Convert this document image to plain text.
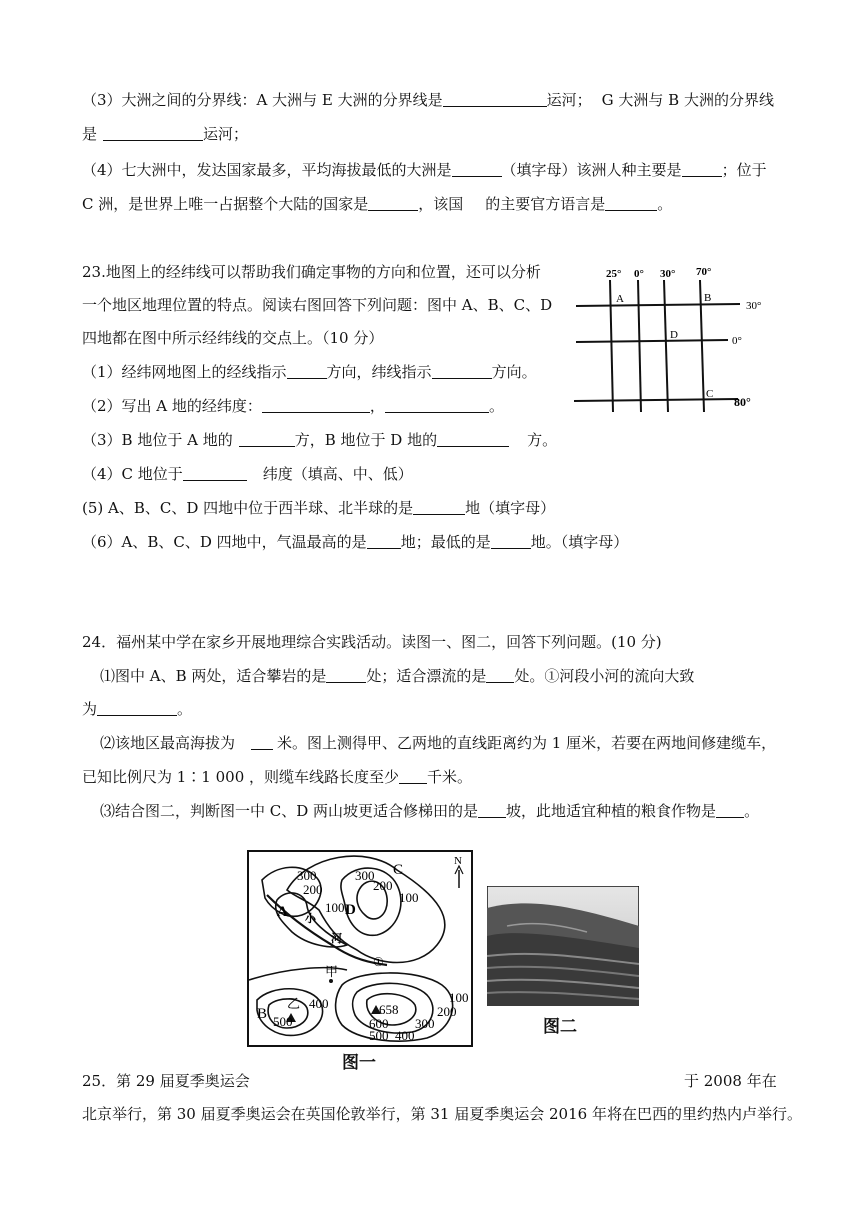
（3）大洲之间的分界线：A 大洲与 E 大洲的分界线是	运河； G 大洲与 B 大洲的分界线
是	运河；
（4）七大洲中，发达国家最多，平均海拔最低的大洲是	（填字母）该洲人种主要是	；位于
C 洲，是世界上唯一占据整个大陆的国家是	，该国 的主要官方语言是	。
23.地图上的经纬线可以帮助我们确定事物的方向和位置，还可以分析
一个地区地理位置的特点。阅读右图回答下列问题：图中 A、B、C、D
四地都在图中所示经纬线的交点上。（10 分）
（1）经纬网地图上的经线指示	方向，纬线指示	方向。
（2）写出 A 地的经纬度：	，	。
（3）B 地位于 A 地的	方，B 地位于 D 地的	方。
（4）C 地位于	纬度（填高、中、低）
(5) A、B、C、D 四地中位于西半球、北半球的是	地（填字母）
（6）A、B、C、D 四地中，气温最高的是 地；最低的是	地。（填字母）
25° 0° 30° 70°
30°
0°
80°
A	B
D
C
24．福州某中学在家乡开展地理综合实践活动。读图一、图二，回答下列问题。(10 分)
⑴图中 A、B 两处，适合攀岩的是	处；适合漂流的是 处。①河段小河的流向大致
为	。
⑵该地区最高海拔为	米。图上测得甲、乙两地的直线距离约为 1 厘米，若要在两地间修建缆车，
已知比例尺为 1∶1 000 ，则缆车线路长度至少 千米。
⑶结合图二，判断图一中 C、D 两山坡更适合修梯田的是 坡，此地适宜种植的粮食作物是 。
N
300
200
100
300
200
100
400
500
658
600
500 400
300
200
100
A
B
C
D
甲
乙
①
小
河
图一
图二
25．第 29 届夏季奥运会	于 2008 年在
北京举行，第 30 届夏季奥运会在英国伦敦举行，第 31 届夏季奥运会 2016 年将在巴西的里约热内卢举行。
